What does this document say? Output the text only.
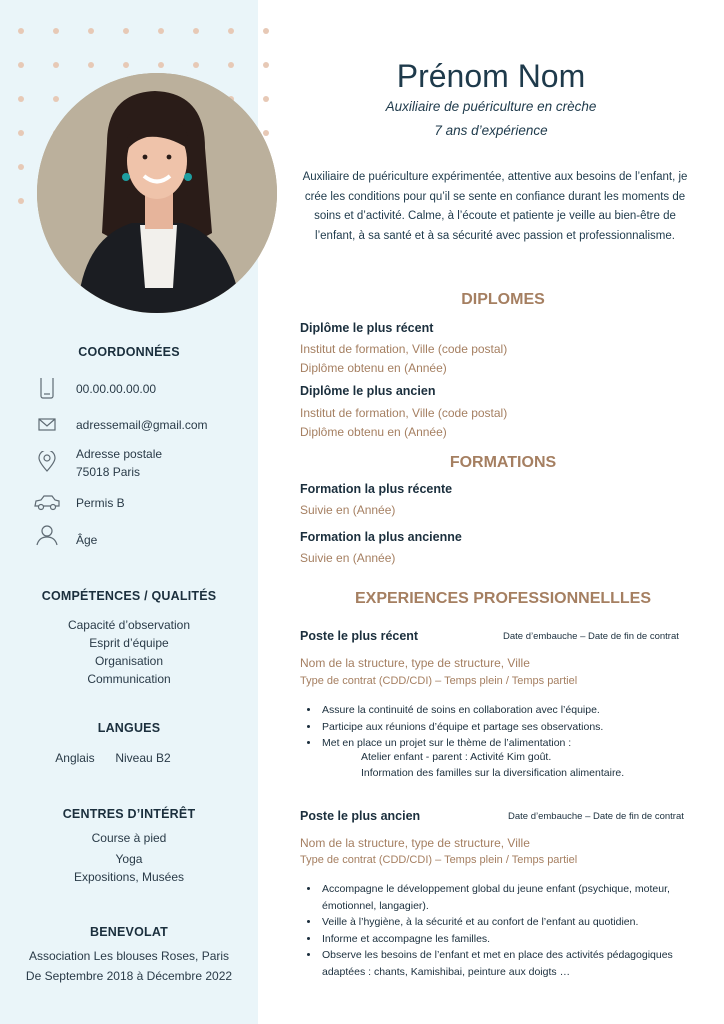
COORDONNÉES
00.00.00.00.00
adressemail@gmail.com
Adresse postale
75018 Paris
Permis B
Âge
COMPÉTENCES / QUALITÉS
Capacité d’observation
Esprit d’équipe
Organisation
Communication
LANGUES
Anglais Niveau B2
CENTRES D’INTÉRÊT
Course à pied
Yoga
Expositions, Musées
BENEVOLAT
Association Les blouses Roses, Paris
De Septembre 2018 à Décembre 2022
Prénom Nom
Auxiliaire de puériculture en crèche
7 ans d’expérience
Auxiliaire de puériculture expérimentée, attentive aux besoins de l’enfant, je crée les conditions pour qu’il se sente en confiance durant les moments de soins et d’activité. Calme, à l’écoute et patiente je veille au bien-être de l’enfant, à sa santé et à sa sécurité avec passion et professionnalisme.
DIPLOMES
Diplôme le plus récent
Institut de formation, Ville (code postal)
Diplôme obtenu en (Année)
Diplôme le plus ancien
Institut de formation, Ville (code postal)
Diplôme obtenu en (Année)
FORMATIONS
Formation la plus récente
Suivie en (Année)
Formation la plus ancienne
Suivie en (Année)
EXPERIENCES PROFESSIONNELLLES
Poste le plus récent	Date d’embauche – Date de fin de contrat
Nom de la structure, type de structure, Ville
Type de contrat (CDD/CDI) – Temps plein / Temps partiel
• Assure la continuité de soins en collaboration avec l’équipe.
• Participe aux réunions d’équipe et partage ses observations.
• Met en place un projet sur le thème de l’alimentation :
Atelier enfant - parent : Activité Kim goût.
Information des familles sur la diversification alimentaire.
Poste le plus ancien	Date d’embauche – Date de fin de contrat
Nom de la structure, type de structure, Ville
Type de contrat (CDD/CDI) – Temps plein / Temps partiel
• Accompagne le développement global du jeune enfant (psychique, moteur, émotionnel, langagier).
• Veille à l’hygiène, à la sécurité et au confort de l’enfant au quotidien.
• Informe et accompagne les familles.
• Observe les besoins de l’enfant et met en place des activités pédagogiques adaptées : chants, Kamishibai, peinture aux doigts …
